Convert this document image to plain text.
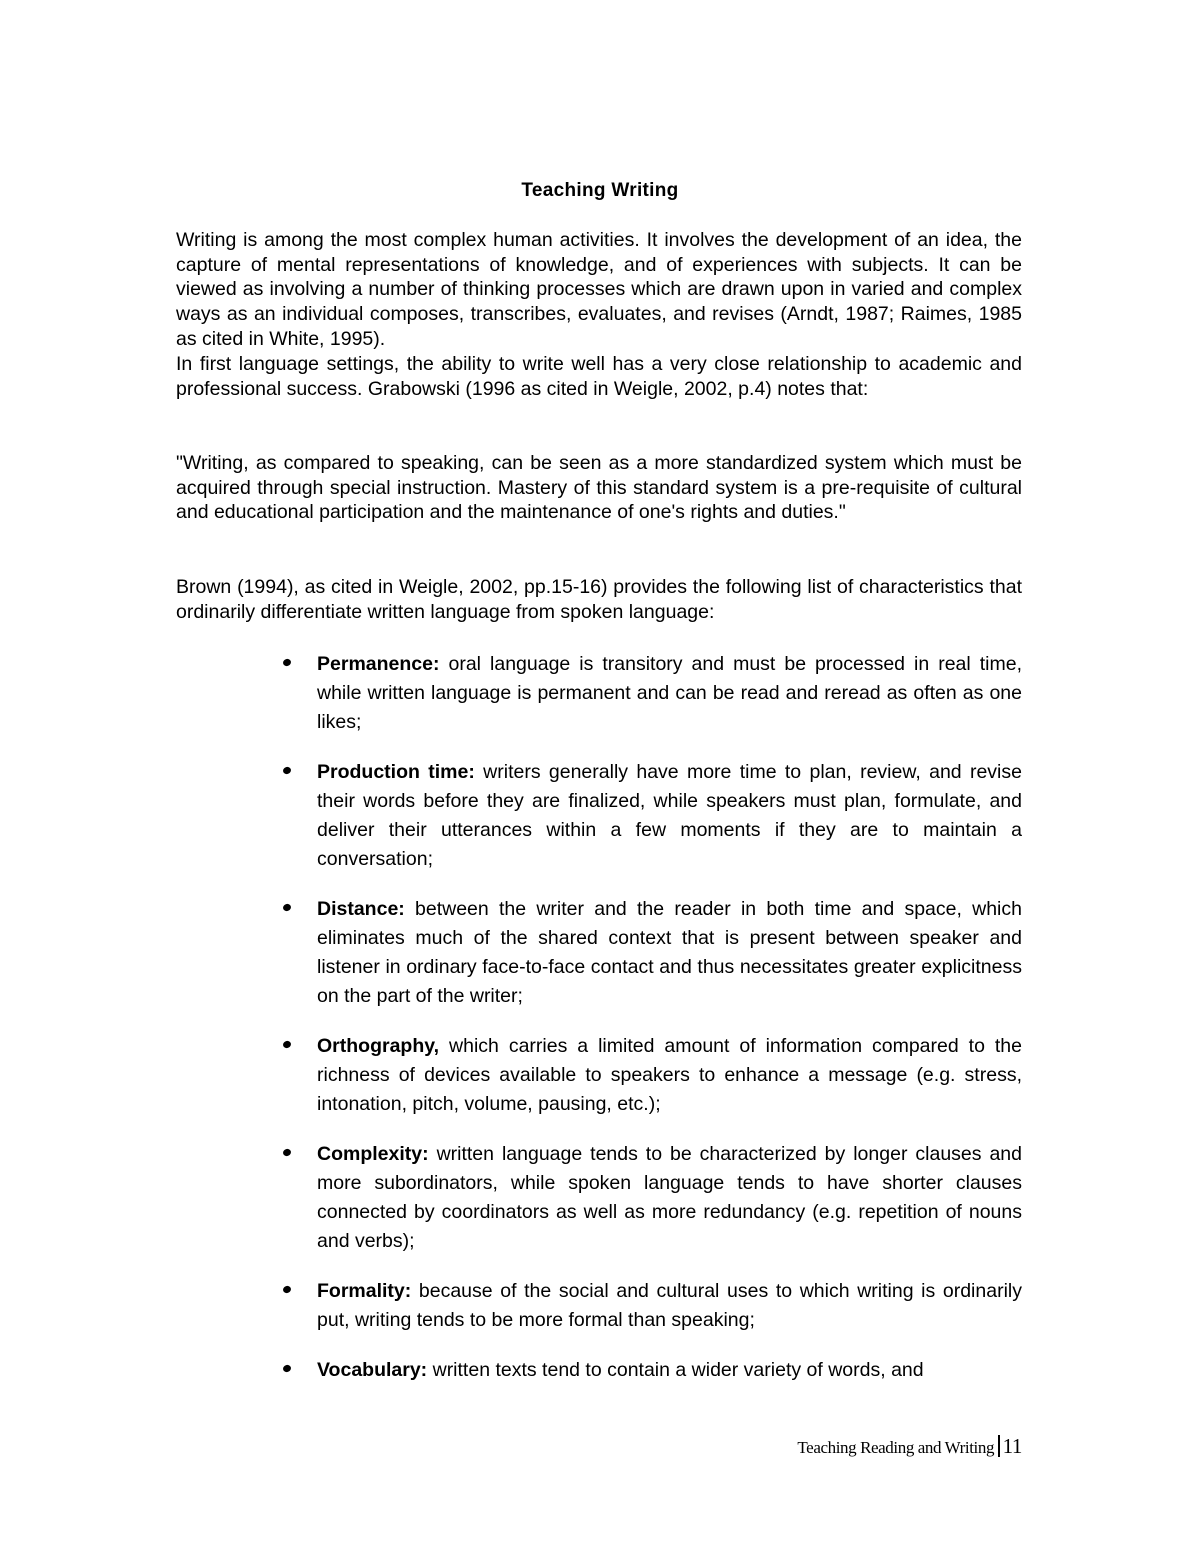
Teaching Writing
Writing is among the most complex human activities. It involves the development of an idea, the capture of mental representations of knowledge, and of experiences with subjects. It can be viewed as involving a number of thinking processes which are drawn upon in varied and complex ways as an individual composes, transcribes, evaluates, and revises (Arndt, 1987; Raimes, 1985 as cited in White, 1995).
In first language settings, the ability to write well has a very close relationship to academic and professional success. Grabowski (1996 as cited in Weigle, 2002, p.4) notes that:
"Writing, as compared to speaking, can be seen as a more standardized system which must be acquired through special instruction. Mastery of this standard system is a pre-requisite of cultural and educational participation and the maintenance of one's rights and duties."
Brown (1994), as cited in Weigle, 2002, pp.15-16) provides the following list of characteristics that ordinarily differentiate written language from spoken language:
Permanence: oral language is transitory and must be processed in real time, while written language is permanent and can be read and reread as often as one likes;
Production time: writers generally have more time to plan, review, and revise their words before they are finalized, while speakers must plan, formulate, and deliver their utterances within a few moments if they are to maintain a conversation;
Distance: between the writer and the reader in both time and space, which eliminates much of the shared context that is present between speaker and listener in ordinary face-to-face contact and thus necessitates greater explicitness on the part of the writer;
Orthography, which carries a limited amount of information compared to the richness of devices available to speakers to enhance a message (e.g. stress, intonation, pitch, volume, pausing, etc.);
Complexity: written language tends to be characterized by longer clauses and more subordinators, while spoken language tends to have shorter clauses connected by coordinators as well as more redundancy (e.g. repetition of nouns and verbs);
Formality: because of the social and cultural uses to which writing is ordinarily put, writing tends to be more formal than speaking;
Vocabulary: written texts tend to contain a wider variety of words, and
Teaching Reading and Writing 11
